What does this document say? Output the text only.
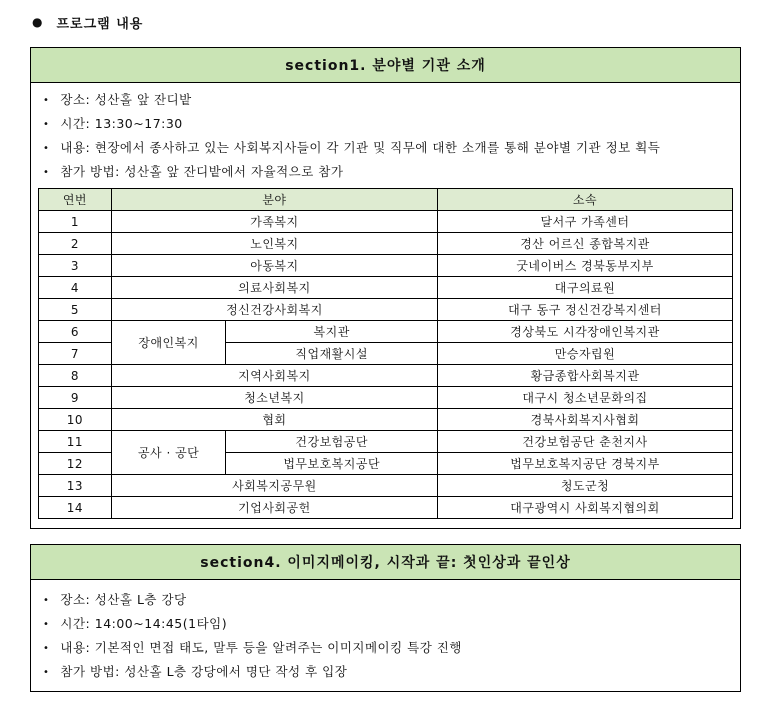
● 프로그램 내용
section1. 분야별 기관 소개
• 장소: 성산홀 앞 잔디밭
• 시간: 13:30~17:30
• 내용: 현장에서 종사하고 있는 사회복지사들이 각 기관 및 직무에 대한 소개를 통해 분야별 기관 정보 획득
• 참가 방법: 성산홀 앞 잔디밭에서 자율적으로 참가
연번	분야		소속
1	가족복지		달서구 가족센터
2	노인복지		경산 어르신 종합복지관
3	아동복지		굿네이버스 경북동부지부
4	의료사회복지		대구의료원
5	정신건강사회복지		대구 동구 정신건강복지센터
6	장애인복지	복지관	경상북도 시각장애인복지관
7		직업재활시설	만승자립원
8	지역사회복지		황금종합사회복지관
9	청소년복지		대구시 청소년문화의집
10	협회		경북사회복지사협회
11	공사 · 공단	건강보험공단	건강보험공단 춘천지사
12		법무보호복지공단	법무보호복지공단 경북지부
13	사회복지공무원		청도군청
14	기업사회공헌		대구광역시 사회복지협의회
section4. 이미지메이킹, 시작과 끝: 첫인상과 끝인상
• 장소: 성산홀 L층 강당
• 시간: 14:00~14:45(1타임)
• 내용: 기본적인 면접 태도, 말투 등을 알려주는 이미지메이킹 특강 진행
• 참가 방법: 성산홀 L층 강당에서 명단 작성 후 입장
